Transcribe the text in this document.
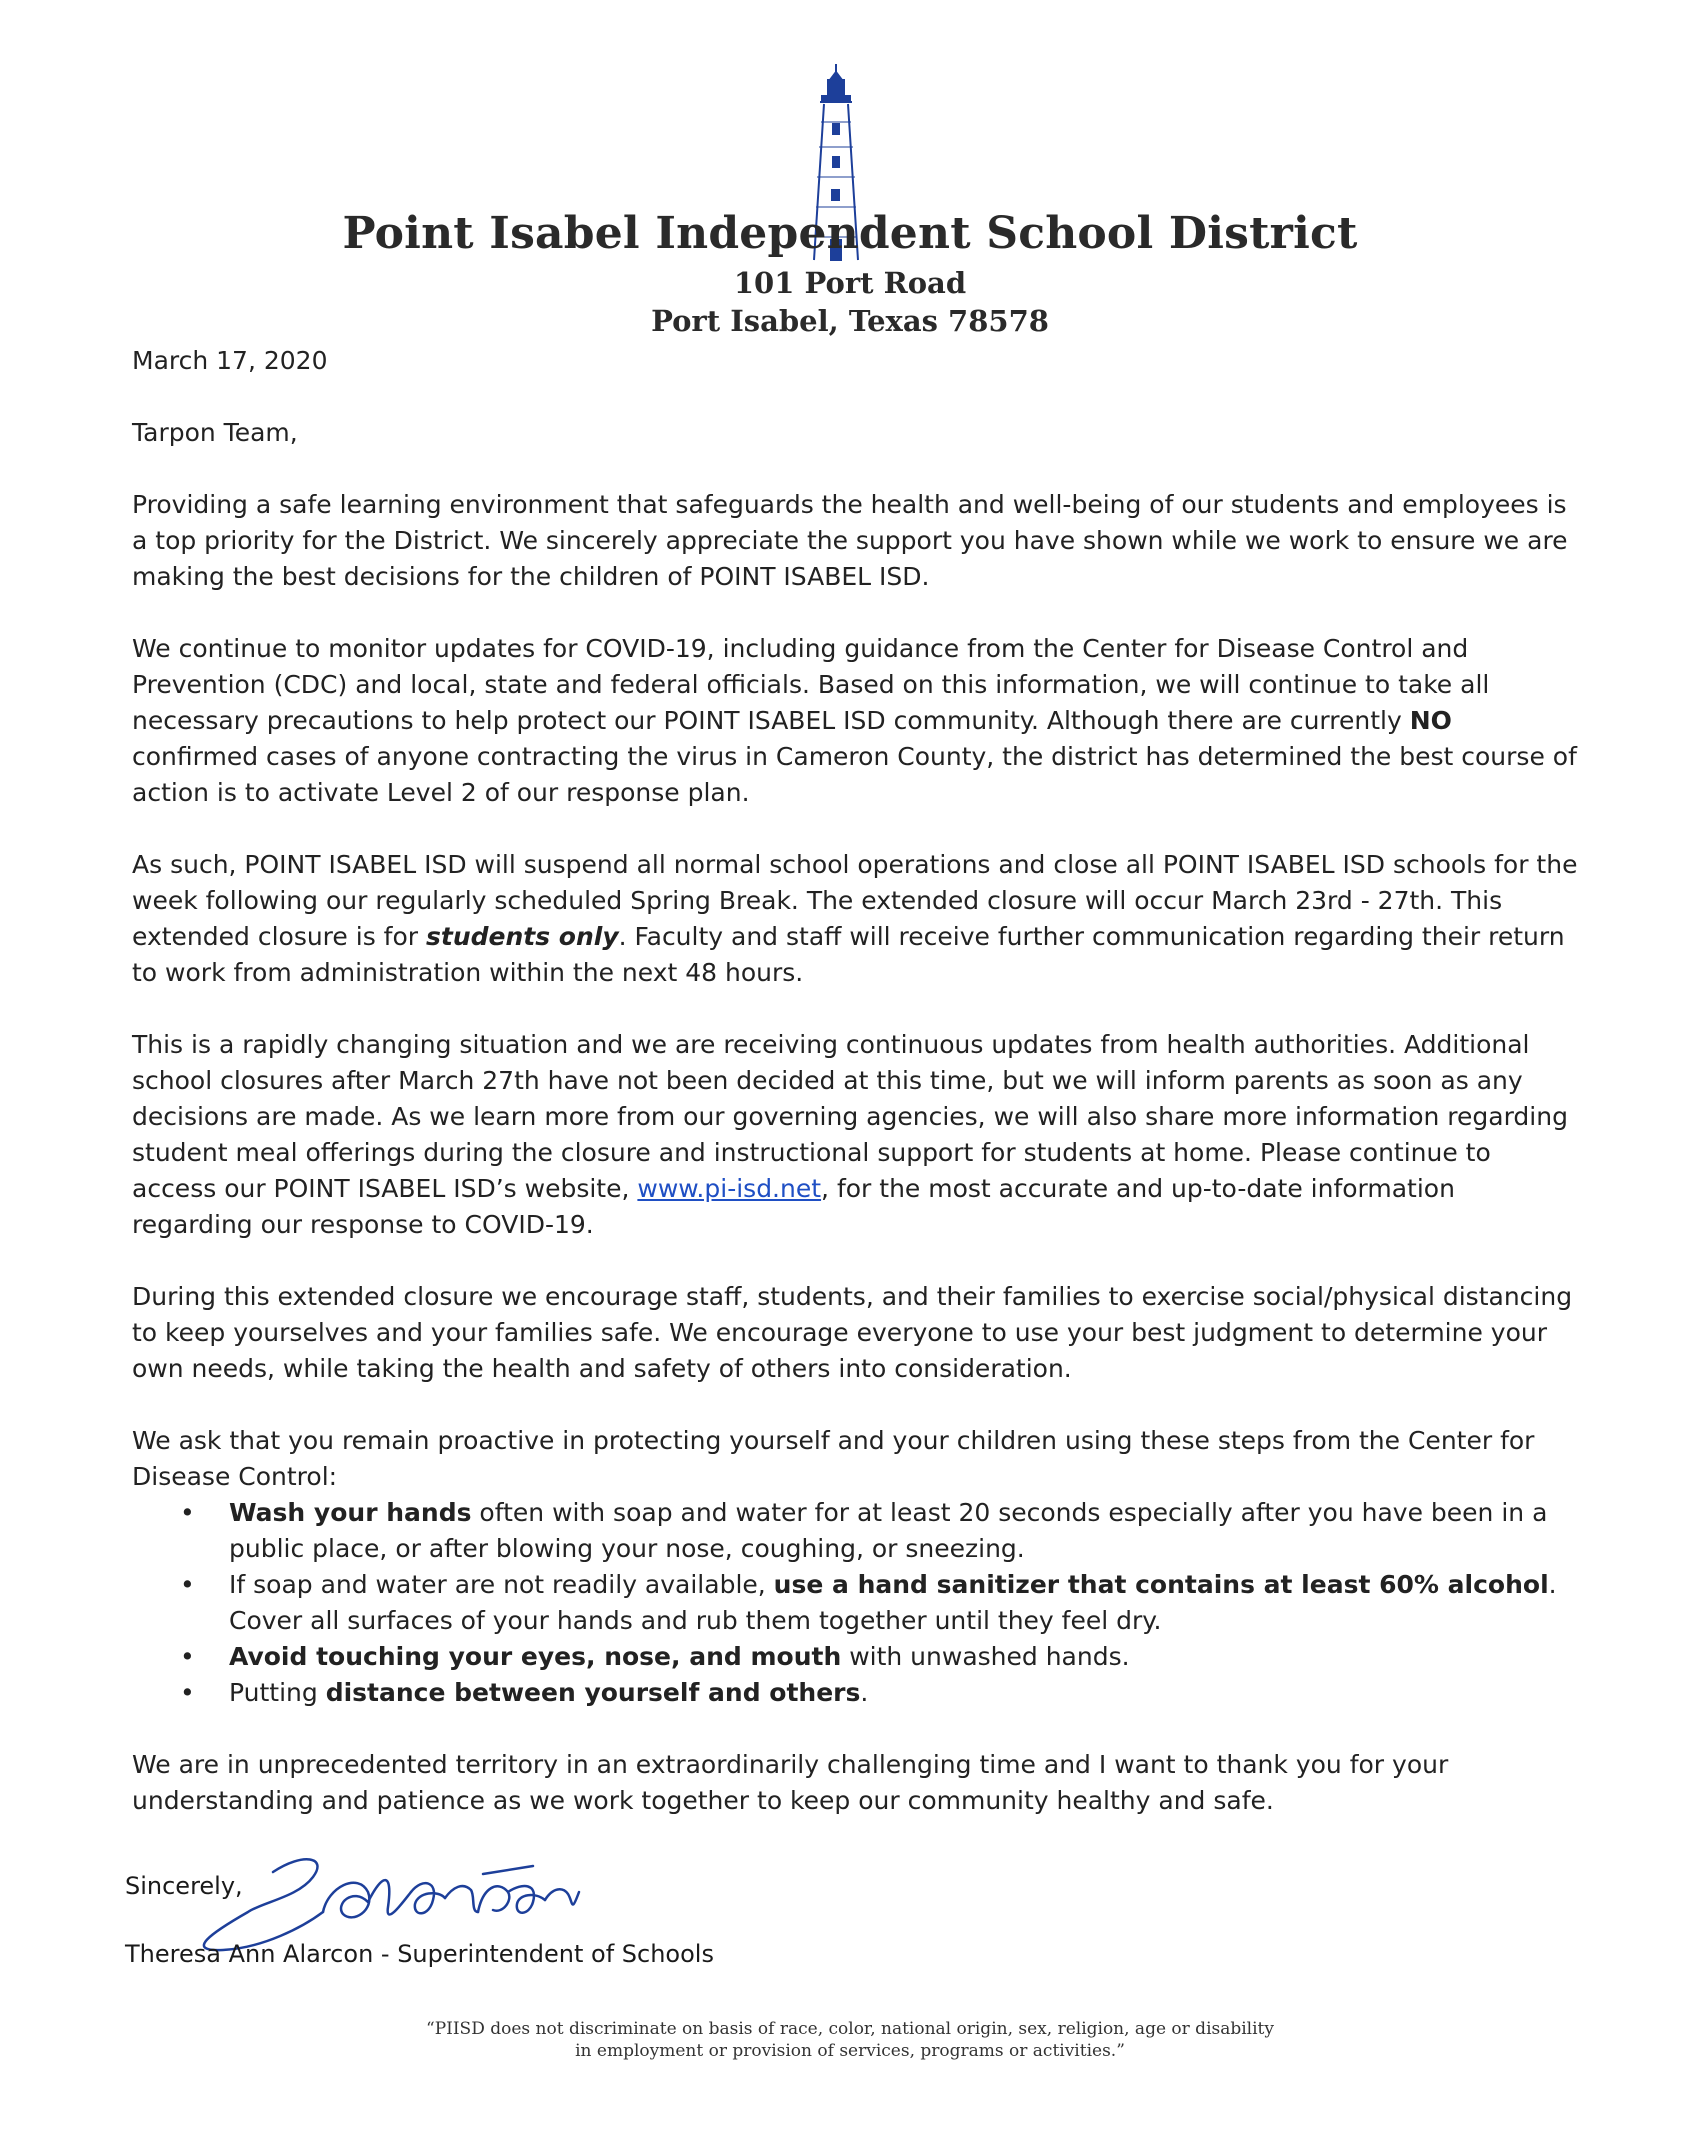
Point Isabel Independent School District
101 Port Road
Port Isabel, Texas 78578

March 17, 2020

Tarpon Team,

Providing a safe learning environment that safeguards the health and well-being of our students and employees is a top priority for the District. We sincerely appreciate the support you have shown while we work to ensure we are making the best decisions for the children of POINT ISABEL ISD.

We continue to monitor updates for COVID-19, including guidance from the Center for Disease Control and Prevention (CDC) and local, state and federal officials. Based on this information, we will continue to take all necessary precautions to help protect our POINT ISABEL ISD community. Although there are currently NO confirmed cases of anyone contracting the virus in Cameron County, the district has determined the best course of action is to activate Level 2 of our response plan.

As such, POINT ISABEL ISD will suspend all normal school operations and close all POINT ISABEL ISD schools for the week following our regularly scheduled Spring Break. The extended closure will occur March 23rd - 27th. This extended closure is for students only. Faculty and staff will receive further communication regarding their return to work from administration within the next 48 hours.

This is a rapidly changing situation and we are receiving continuous updates from health authorities. Additional school closures after March 27th have not been decided at this time, but we will inform parents as soon as any decisions are made. As we learn more from our governing agencies, we will also share more information regarding student meal offerings during the closure and instructional support for students at home. Please continue to access our POINT ISABEL ISD’s website, www.pi-isd.net, for the most accurate and up-to-date information regarding our response to COVID-19.

During this extended closure we encourage staff, students, and their families to exercise social/physical distancing to keep yourselves and your families safe. We encourage everyone to use your best judgment to determine your own needs, while taking the health and safety of others into consideration.

We ask that you remain proactive in protecting yourself and your children using these steps from the Center for Disease Control:

• Wash your hands often with soap and water for at least 20 seconds especially after you have been in a public place, or after blowing your nose, coughing, or sneezing.
• If soap and water are not readily available, use a hand sanitizer that contains at least 60% alcohol. Cover all surfaces of your hands and rub them together until they feel dry.
• Avoid touching your eyes, nose, and mouth with unwashed hands.
• Putting distance between yourself and others.

We are in unprecedented territory in an extraordinarily challenging time and I want to thank you for your understanding and patience as we work together to keep our community healthy and safe.

Sincerely,
Theresa Ann Alarcon - Superintendent of Schools
“PIISD does not discriminate on basis of race, color, national origin, sex, religion, age or disability
in employment or provision of services, programs or activities.”
